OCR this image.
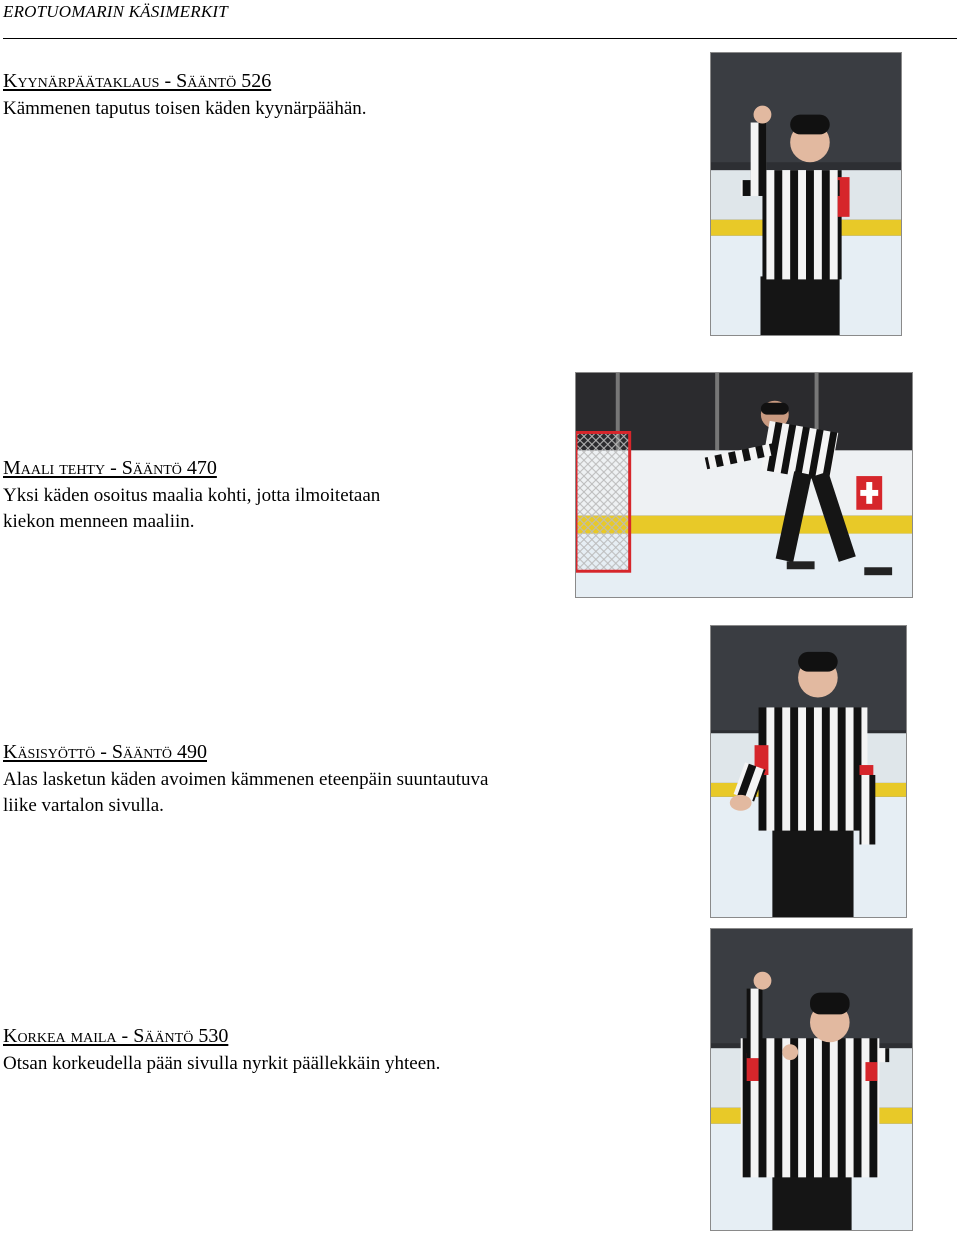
EROTUOMARIN KÄSIMERKIT
Kyynärpäätaklaus - Sääntö 526
Kämmenen taputus toisen käden kyynärpäähän.
Maali tehty - Sääntö 470
Yksi käden osoitus maalia kohti, jotta ilmoitetaan
kiekon menneen maaliin.
Käsisyöttö - Sääntö 490
Alas lasketun käden avoimen kämmenen eteenpäin suuntautuva
liike vartalon sivulla.
Korkea maila - Sääntö 530
Otsan korkeudella pään sivulla nyrkit päällekkäin yhteen.
